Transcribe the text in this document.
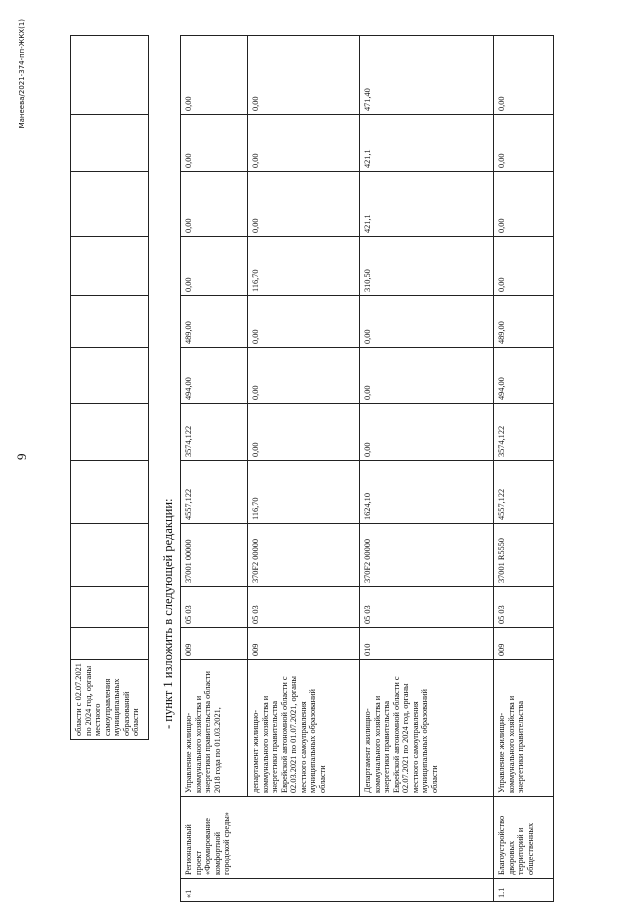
9
Манеева/2021-374-пп-ЖКХ(1)
области с 02.07.2021 по 2024 год, органы местного самоуправления муниципальных образований области											- пункт 1 изложить в следующей редакции:
«1	Региональный проект «Формирование комфортной городской среды»	Управление жилищно-коммунального хозяйства и энергетики правительства области 2018 года по 01.03.2021,	009	05 03	37001 00000	4557,122	3574,122	494,00	489,00	0,00	0,00	0,00	0,00
		департамент жилищно-коммунального хозяйства и энергетики правительства Еврейской автономной области с 02.03.2021 по 01.07.2021, органы местного самоуправления муниципальных образований области	009	05 03	370F2 00000	116,70	0,00	0,00	0,00	116,70	0,00	0,00	0,00
		Департамент жилищно-коммунального хозяйства и энергетики правительства Еврейской автономной области с 02.07.2021 по 2024 год, органы местного самоуправления муниципальных образований области	010	05 03	370F2 00000	1624,10	0,00	0,00	0,00	310,50	421,1	421,1	471,40
1.1	Благоустройство дворовых территорий и общественных	Управление жилищно-коммунального хозяйства и энергетики правительства	009	05 03	37001 R5550	4557,122	3574,122	494,00	489,00	0,00	0,00	0,00	0,00
